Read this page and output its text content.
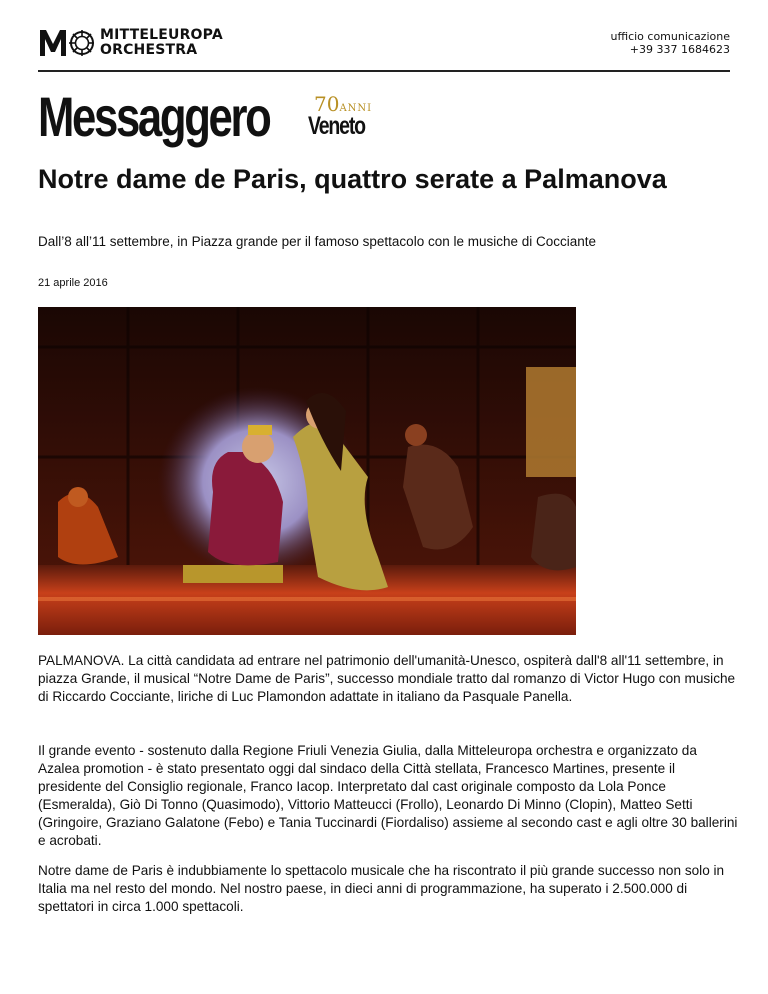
MITTELEUROPA
ORCHESTRA
ufficio comunicazione
+39 337 1684623
Messaggero 70ANNI
Veneto
Notre dame de Paris, quattro serate a Palmanova

Dall’8 all’11 settembre, in Piazza grande per il famoso spettacolo con le musiche di Cocciante

21 aprile 2016

PALMANOVA. La città candidata ad entrare nel patrimonio dell'umanità-Unesco, ospiterà dall'8 all'11 settembre, in piazza Grande, il musical “Notre Dame de Paris”, successo mondiale tratto dal romanzo di Victor Hugo con musiche di Riccardo Cocciante, liriche di Luc Plamondon adattate in italiano da Pasquale Panella.

Il grande evento - sostenuto dalla Regione Friuli Venezia Giulia, dalla Mitteleuropa orchestra e organizzato da Azalea promotion - è stato presentato oggi dal sindaco della Città stellata, Francesco Martines, presente il presidente del Consiglio regionale, Franco Iacop. Interpretato dal cast originale composto da Lola Ponce (Esmeralda), Giò Di Tonno (Quasimodo), Vittorio Matteucci (Frollo), Leonardo Di Minno (Clopin), Matteo Setti (Gringoire, Graziano Galatone (Febo) e Tania Tuccinardi (Fiordaliso) assieme al secondo cast e agli oltre 30 ballerini e acrobati.

Notre dame de Paris è indubbiamente lo spettacolo musicale che ha riscontrato il più grande successo non solo in Italia ma nel resto del mondo. Nel nostro paese, in dieci anni di programmazione, ha superato i 2.500.000 di spettatori in circa 1.000 spettacoli.
